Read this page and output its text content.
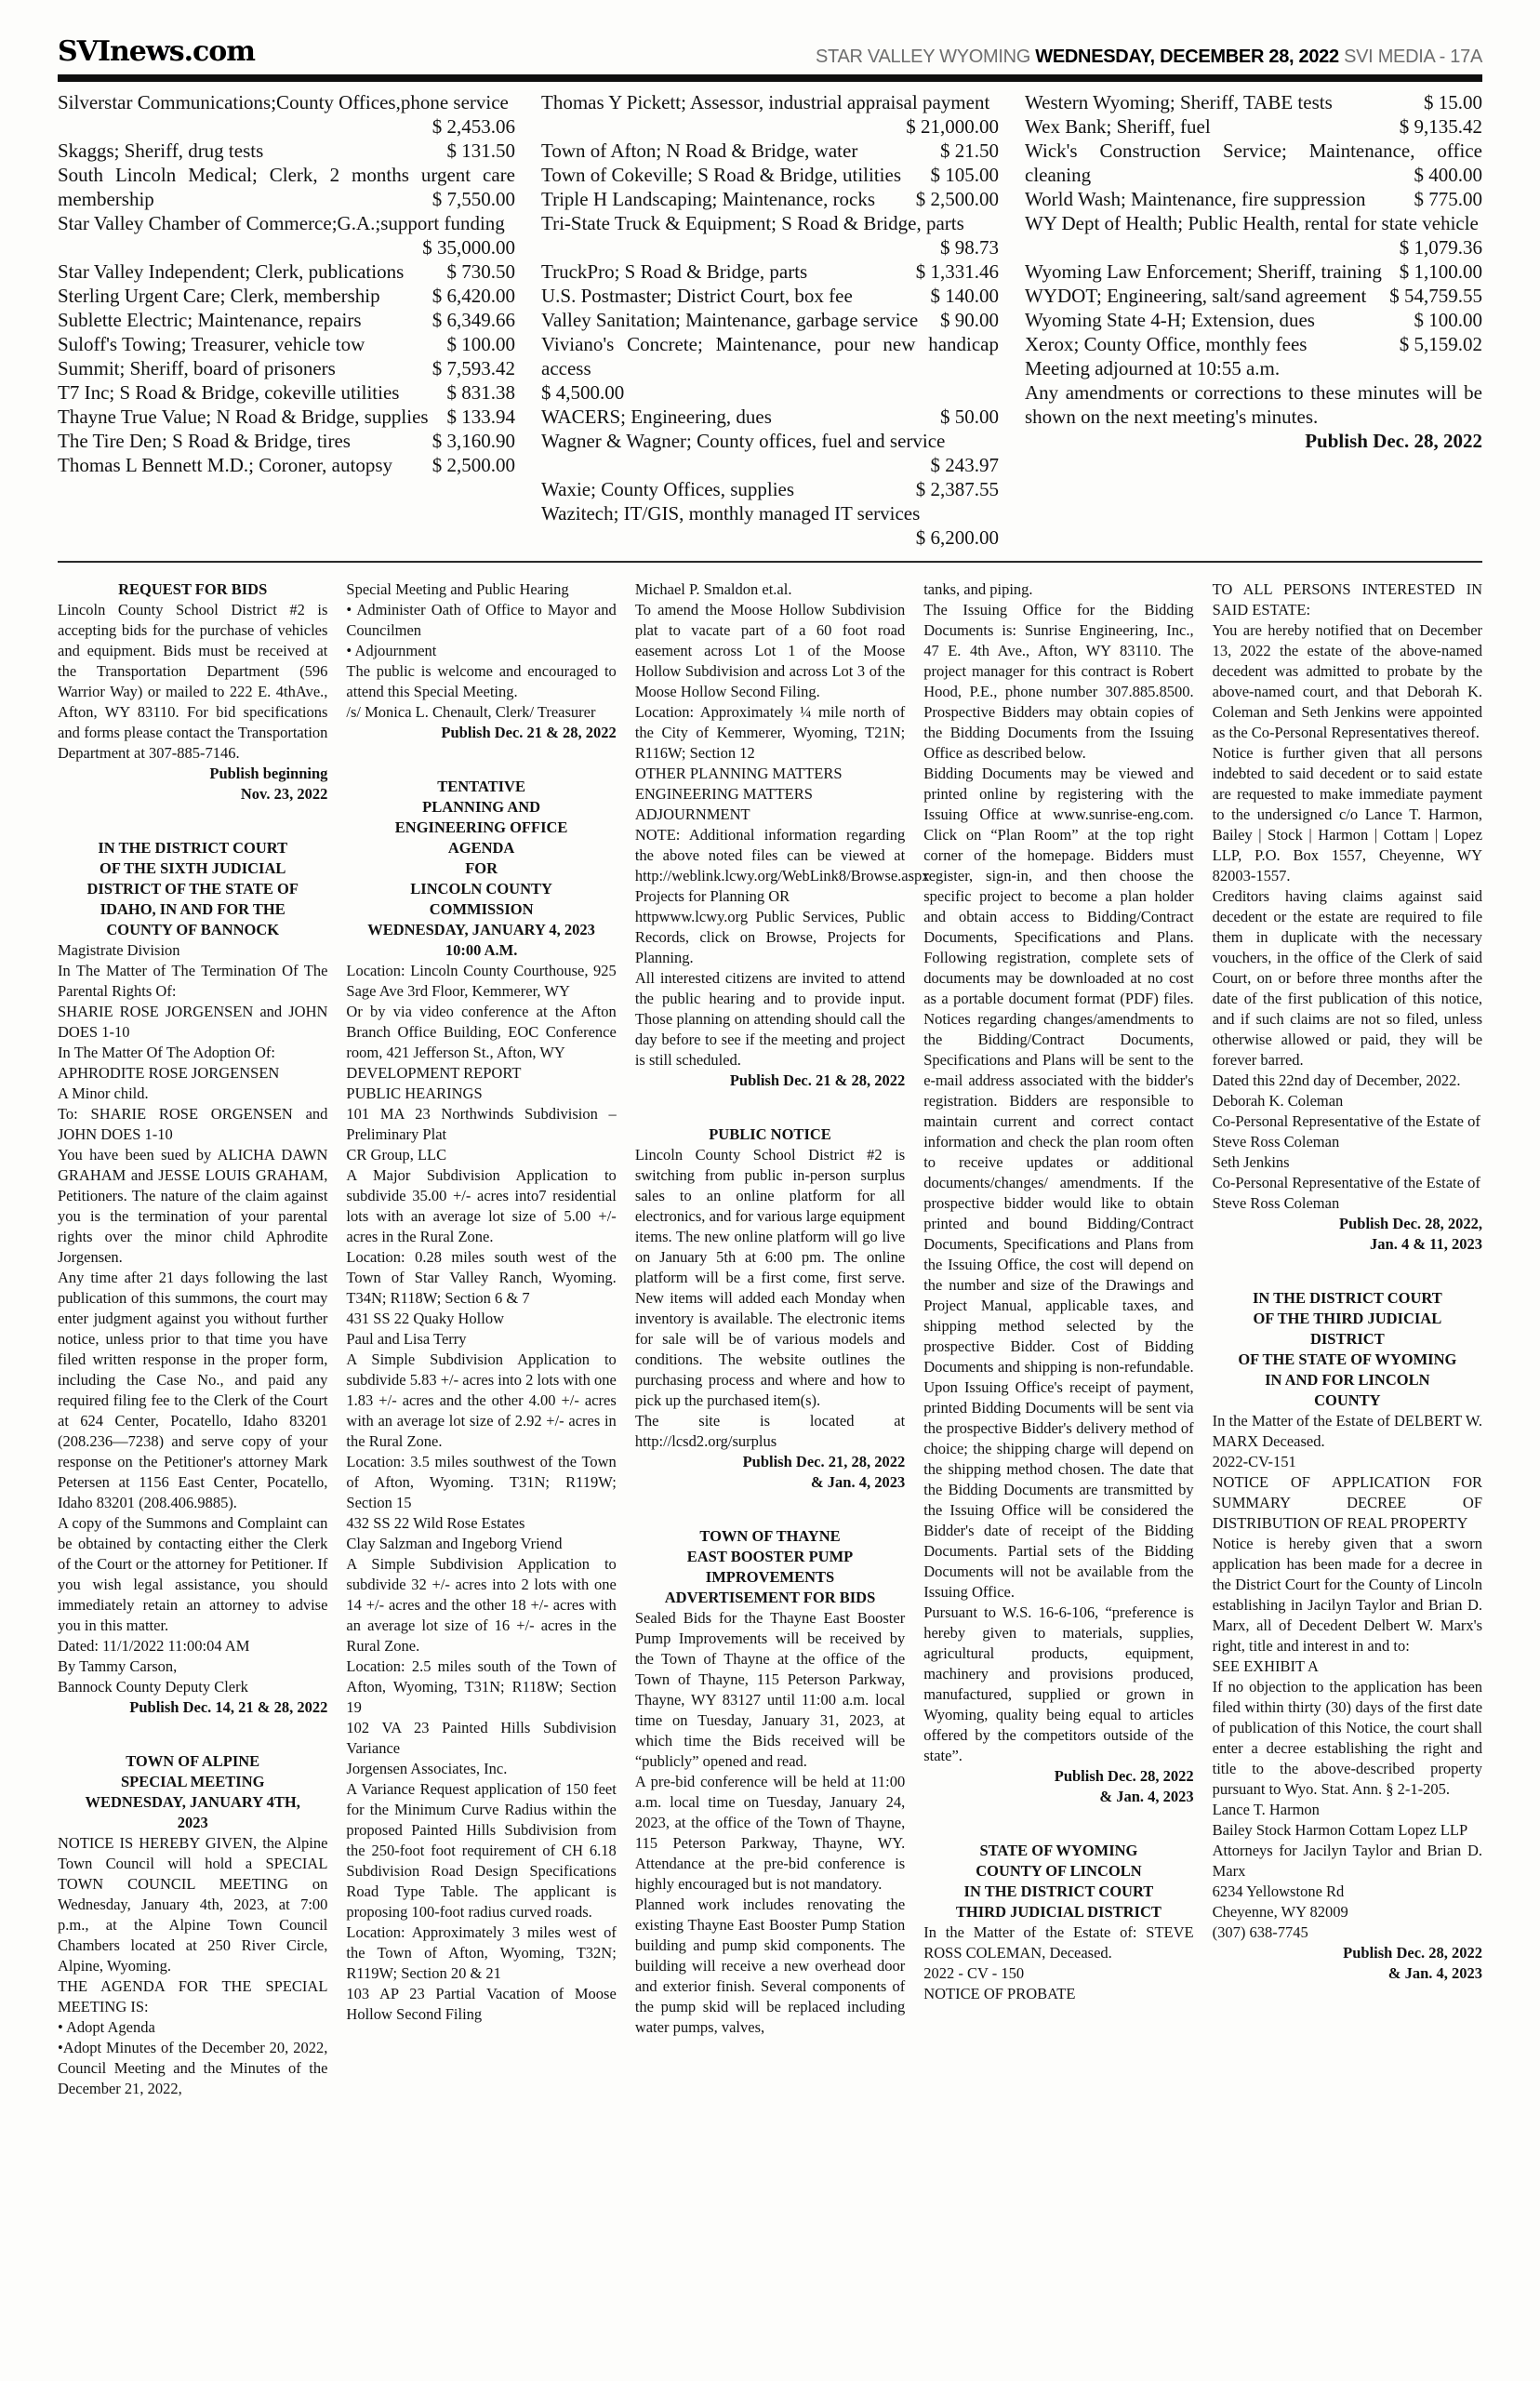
SVInews.com	STAR VALLEY WYOMING WEDNESDAY, DECEMBER 28, 2022 SVI MEDIA - 17A
Silverstar Communications;County Offices,phone service
$ 2,453.06
Skaggs; Sheriff, drug tests	$ 131.50
South Lincoln Medical; Clerk, 2 months urgent care membership	$ 7,550.00
Star Valley Chamber of Commerce;G.A.;support funding
$ 35,000.00
Star Valley Independent; Clerk, publications	$ 730.50
Sterling Urgent Care; Clerk, membership	$ 6,420.00
Sublette Electric; Maintenance, repairs	$ 6,349.66
Suloff's Towing; Treasurer, vehicle tow	$ 100.00
Summit; Sheriff, board of prisoners	$ 7,593.42
T7 Inc; S Road & Bridge, cokeville utilities	$ 831.38
Thayne True Value; N Road & Bridge, supplies $ 133.94
The Tire Den; S Road & Bridge, tires	$ 3,160.90
Thomas L Bennett M.D.; Coroner, autopsy	$ 2,500.00
Thomas Y Pickett; Assessor, industrial appraisal payment
$ 21,000.00
Town of Afton; N Road & Bridge, water	$ 21.50
Town of Cokeville; S Road & Bridge, utilities	$ 105.00
Triple H Landscaping; Maintenance, rocks	$ 2,500.00
Tri-State Truck & Equipment; S Road & Bridge, parts
$ 98.73
TruckPro; S Road & Bridge, parts	$ 1,331.46
U.S. Postmaster; District Court, box fee	$ 140.00
Valley Sanitation; Maintenance, garbage service	$ 90.00
Viviano's Concrete; Maintenance, pour new handicap access
$ 4,500.00
WACERS; Engineering, dues	$ 50.00
Wagner & Wagner; County offices, fuel and service
$ 243.97
Waxie; County Offices, supplies	$ 2,387.55
Wazitech; IT/GIS, monthly managed IT services
$ 6,200.00
Western Wyoming; Sheriff, TABE tests	$ 15.00
Wex Bank; Sheriff, fuel	$ 9,135.42
Wick's Construction Service; Maintenance, office cleaning	$ 400.00
World Wash; Maintenance, fire suppression	$ 775.00
WY Dept of Health; Public Health, rental for state vehicle
$ 1,079.36
Wyoming Law Enforcement; Sheriff, training $ 1,100.00
WYDOT; Engineering, salt/sand agreement	$ 54,759.55
Wyoming State 4-H; Extension, dues	$ 100.00
Xerox; County Office, monthly fees	$ 5,159.02
Meeting adjourned at 10:55 a.m.
Any amendments or corrections to these minutes will be shown on the next meeting's minutes.
Publish Dec. 28, 2022
REQUEST FOR BIDS
Lincoln County School District #2 is accepting bids for the purchase of vehicles and equipment. Bids must be received at the Transportation Department (596 Warrior Way) or mailed to 222 E. 4thAve., Afton, WY 83110. For bid specifications and forms please contact the Transportation Department at 307-885-7146.
Publish beginning
Nov. 23, 2022
IN THE DISTRICT COURT
OF THE SIXTH JUDICIAL
DISTRICT OF THE STATE OF
IDAHO, IN AND FOR THE
COUNTY OF BANNOCK
Magistrate Division
In The Matter of The Termination Of The Parental Rights Of:
SHARIE ROSE JORGENSEN and JOHN DOES 1-10
In The Matter Of The Adoption Of:
APHRODITE ROSE JORGENSEN
A Minor child.
To: SHARIE ROSE ORGENSEN and JOHN DOES 1-10
You have been sued by ALICHA DAWN GRAHAM and JESSE LOUIS GRAHAM, Petitioners. The nature of the claim against you is the termination of your parental rights over the minor child Aphrodite Jorgensen.
Any time after 21 days following the last publication of this summons, the court may enter judgment against you without further notice, unless prior to that time you have filed written response in the proper form, including the Case No., and paid any required filing fee to the Clerk of the Court at 624 Center, Pocatello, Idaho 83201 (208.236—7238) and serve copy of your response on the Petitioner's attorney Mark Petersen at 1156 East Center, Pocatello, Idaho 83201 (208.406.9885).
A copy of the Summons and Complaint can be obtained by contacting either the Clerk of the Court or the attorney for Petitioner. If you wish legal assistance, you should immediately retain an attorney to advise you in this matter.
Dated: 11/1/2022 11:00:04 AM
By Tammy Carson,
Bannock County Deputy Clerk
Publish Dec. 14, 21 & 28, 2022
TOWN OF ALPINE
SPECIAL MEETING
WEDNESDAY, JANUARY 4TH,
2023
NOTICE IS HEREBY GIVEN, the Alpine Town Council will hold a SPECIAL TOWN COUNCIL MEETING on Wednesday, January 4th, 2023, at 7:00 p.m., at the Alpine Town Council Chambers located at 250 River Circle, Alpine, Wyoming.
THE AGENDA FOR THE SPECIAL MEETING IS:
• Adopt Agenda
•Adopt Minutes of the December 20, 2022, Council Meeting and the Minutes of the December 21, 2022,
Special Meeting and Public Hearing
• Administer Oath of Office to Mayor and Councilmen
• Adjournment
The public is welcome and encouraged to attend this Special Meeting.
/s/ Monica L. Chenault, Clerk/ Treasurer
Publish Dec. 21 & 28, 2022
TENTATIVE
PLANNING AND
ENGINEERING OFFICE
AGENDA
FOR
LINCOLN COUNTY
COMMISSION
WEDNESDAY, JANUARY 4, 2023
10:00 A.M.
Location: Lincoln County Courthouse, 925 Sage Ave 3rd Floor, Kemmerer, WY
Or by via video conference at the Afton Branch Office Building, EOC Conference room, 421 Jefferson St., Afton, WY
DEVELOPMENT REPORT
PUBLIC HEARINGS
101 MA 23 Northwinds Subdivision – Preliminary Plat
CR Group, LLC
A Major Subdivision Application to subdivide 35.00 +/- acres into7 residential lots with an average lot size of 5.00 +/- acres in the Rural Zone.
Location: 0.28 miles south west of the Town of Star Valley Ranch, Wyoming. T34N; R118W; Section 6 & 7
431 SS 22 Quaky Hollow
Paul and Lisa Terry
A Simple Subdivision Application to subdivide 5.83 +/- acres into 2 lots with one 1.83 +/- acres and the other 4.00 +/- acres with an average lot size of 2.92 +/- acres in the Rural Zone.
Location: 3.5 miles southwest of the Town of Afton, Wyoming. T31N; R119W; Section 15
432 SS 22 Wild Rose Estates
Clay Salzman and Ingeborg Vriend
A Simple Subdivision Application to subdivide 32 +/- acres into 2 lots with one 14 +/- acres and the other 18 +/- acres with an average lot size of 16 +/- acres in the Rural Zone.
Location: 2.5 miles south of the Town of Afton, Wyoming, T31N; R118W; Section 19
102 VA 23 Painted Hills Subdivision Variance
Jorgensen Associates, Inc.
A Variance Request application of 150 feet for the Minimum Curve Radius within the proposed Painted Hills Subdivision from the 250-foot foot requirement of CH 6.18 Subdivision Road Design Specifications Road Type Table. The applicant is proposing 100-foot radius curved roads.
Location: Approximately 3 miles west of the Town of Afton, Wyoming, T32N; R119W; Section 20 & 21
103 AP 23 Partial Vacation of Moose Hollow Second Filing
Michael P. Smaldon et.al.
To amend the Moose Hollow Subdivision plat to vacate part of a 60 foot road easement across Lot 1 of the Moose Hollow Subdivision and across Lot 3 of the Moose Hollow Second Filing.
Location: Approximately ¼ mile north of the City of Kemmerer, Wyoming, T21N; R116W; Section 12
OTHER PLANNING MATTERS
ENGINEERING MATTERS
ADJOURNMENT
NOTE: Additional information regarding the above noted files can be viewed at http://weblink.lcwy.org/WebLink8/Browse.aspx Projects for Planning OR
httpwww.lcwy.org Public Services, Public Records, click on Browse, Projects for Planning.
All interested citizens are invited to attend the public hearing and to provide input. Those planning on attending should call the day before to see if the meeting and project is still scheduled.
Publish Dec. 21 & 28, 2022
PUBLIC NOTICE
Lincoln County School District #2 is switching from public in-person surplus sales to an online platform for all electronics, and for various large equipment items. The new online platform will go live on January 5th at 6:00 pm. The online platform will be a first come, first serve. New items will added each Monday when inventory is available. The electronic items for sale will be of various models and conditions. The website outlines the purchasing process and where and how to pick up the purchased item(s).
The site is located at http://lcsd2.org/surplus
Publish Dec. 21, 28, 2022
& Jan. 4, 2023
TOWN OF THAYNE
EAST BOOSTER PUMP
IMPROVEMENTS
ADVERTISEMENT FOR BIDS
Sealed Bids for the Thayne East Booster Pump Improvements will be received by the Town of Thayne at the office of the Town of Thayne, 115 Peterson Parkway, Thayne, WY 83127 until 11:00 a.m. local time on Tuesday, January 31, 2023, at which time the Bids received will be “publicly” opened and read.
A pre-bid conference will be held at 11:00 a.m. local time on Tuesday, January 24, 2023, at the office of the Town of Thayne, 115 Peterson Parkway, Thayne, WY. Attendance at the pre-bid conference is highly encouraged but is not mandatory.
Planned work includes renovating the existing Thayne East Booster Pump Station building and pump skid components. The building will receive a new overhead door and exterior finish. Several components of the pump skid will be replaced including water pumps, valves,
tanks, and piping.
The Issuing Office for the Bidding Documents is: Sunrise Engineering, Inc., 47 E. 4th Ave., Afton, WY 83110. The project manager for this contract is Robert Hood, P.E., phone number 307.885.8500. Prospective Bidders may obtain copies of the Bidding Documents from the Issuing Office as described below.
Bidding Documents may be viewed and printed online by registering with the Issuing Office at www.sunrise-eng.com. Click on “Plan Room” at the top right corner of the homepage. Bidders must register, sign-in, and then choose the specific project to become a plan holder and obtain access to Bidding/Contract Documents, Specifications and Plans. Following registration, complete sets of documents may be downloaded at no cost as a portable document format (PDF) files. Notices regarding changes/amendments to the Bidding/Contract Documents, Specifications and Plans will be sent to the e-mail address associated with the bidder's registration. Bidders are responsible to maintain current and correct contact information and check the plan room often to receive updates or additional documents/changes/ amendments. If the prospective bidder would like to obtain printed and bound Bidding/Contract Documents, Specifications and Plans from the Issuing Office, the cost will depend on the number and size of the Drawings and Project Manual, applicable taxes, and shipping method selected by the prospective Bidder. Cost of Bidding Documents and shipping is non-refundable. Upon Issuing Office's receipt of payment, printed Bidding Documents will be sent via the prospective Bidder's delivery method of choice; the shipping charge will depend on the shipping method chosen. The date that the Bidding Documents are transmitted by the Issuing Office will be considered the Bidder's date of receipt of the Bidding Documents. Partial sets of the Bidding Documents will not be available from the Issuing Office.
Pursuant to W.S. 16-6-106, “preference is hereby given to materials, supplies, agricultural products, equipment, machinery and provisions produced, manufactured, supplied or grown in Wyoming, quality being equal to articles offered by the competitors outside of the state”.
Publish Dec. 28, 2022
& Jan. 4, 2023
STATE OF WYOMING
COUNTY OF LINCOLN
IN THE DISTRICT COURT
THIRD JUDICIAL DISTRICT
In the Matter of the Estate of: STEVE ROSS COLEMAN, Deceased.
2022 - CV - 150
NOTICE OF PROBATE
TO ALL PERSONS INTERESTED IN SAID ESTATE:
You are hereby notified that on December 13, 2022 the estate of the above-named decedent was admitted to probate by the above-named court, and that Deborah K. Coleman and Seth Jenkins were appointed as the Co-Personal Representatives thereof.
Notice is further given that all persons indebted to said decedent or to said estate are requested to make immediate payment to the undersigned c/o Lance T. Harmon, Bailey | Stock | Harmon | Cottam | Lopez LLP, P.O. Box 1557, Cheyenne, WY 82003-1557.
Creditors having claims against said decedent or the estate are required to file them in duplicate with the necessary vouchers, in the office of the Clerk of said Court, on or before three months after the date of the first publication of this notice, and if such claims are not so filed, unless otherwise allowed or paid, they will be forever barred.
Dated this 22nd day of December, 2022.
Deborah K. Coleman
Co-Personal Representative of the Estate of
Steve Ross Coleman
Seth Jenkins
Co-Personal Representative of the Estate of
Steve Ross Coleman
Publish Dec. 28, 2022,
Jan. 4 & 11, 2023
IN THE DISTRICT COURT
OF THE THIRD JUDICIAL
DISTRICT
OF THE STATE OF WYOMING
IN AND FOR LINCOLN
COUNTY
In the Matter of the Estate of DELBERT W. MARX Deceased.
2022-CV-151
NOTICE OF APPLICATION FOR SUMMARY DECREE OF DISTRIBUTION OF REAL PROPERTY
Notice is hereby given that a sworn application has been made for a decree in the District Court for the County of Lincoln establishing in Jacilyn Taylor and Brian D. Marx, all of Decedent Delbert W. Marx's right, title and interest in and to:
SEE EXHIBIT A
If no objection to the application has been filed within thirty (30) days of the first date of publication of this Notice, the court shall enter a decree establishing the right and title to the above-described property pursuant to Wyo. Stat. Ann. § 2-1-205.
Lance T. Harmon
Bailey Stock Harmon Cottam Lopez LLP
Attorneys for Jacilyn Taylor and Brian D. Marx
6234 Yellowstone Rd
Cheyenne, WY 82009
(307) 638-7745
Publish Dec. 28, 2022
& Jan. 4, 2023
